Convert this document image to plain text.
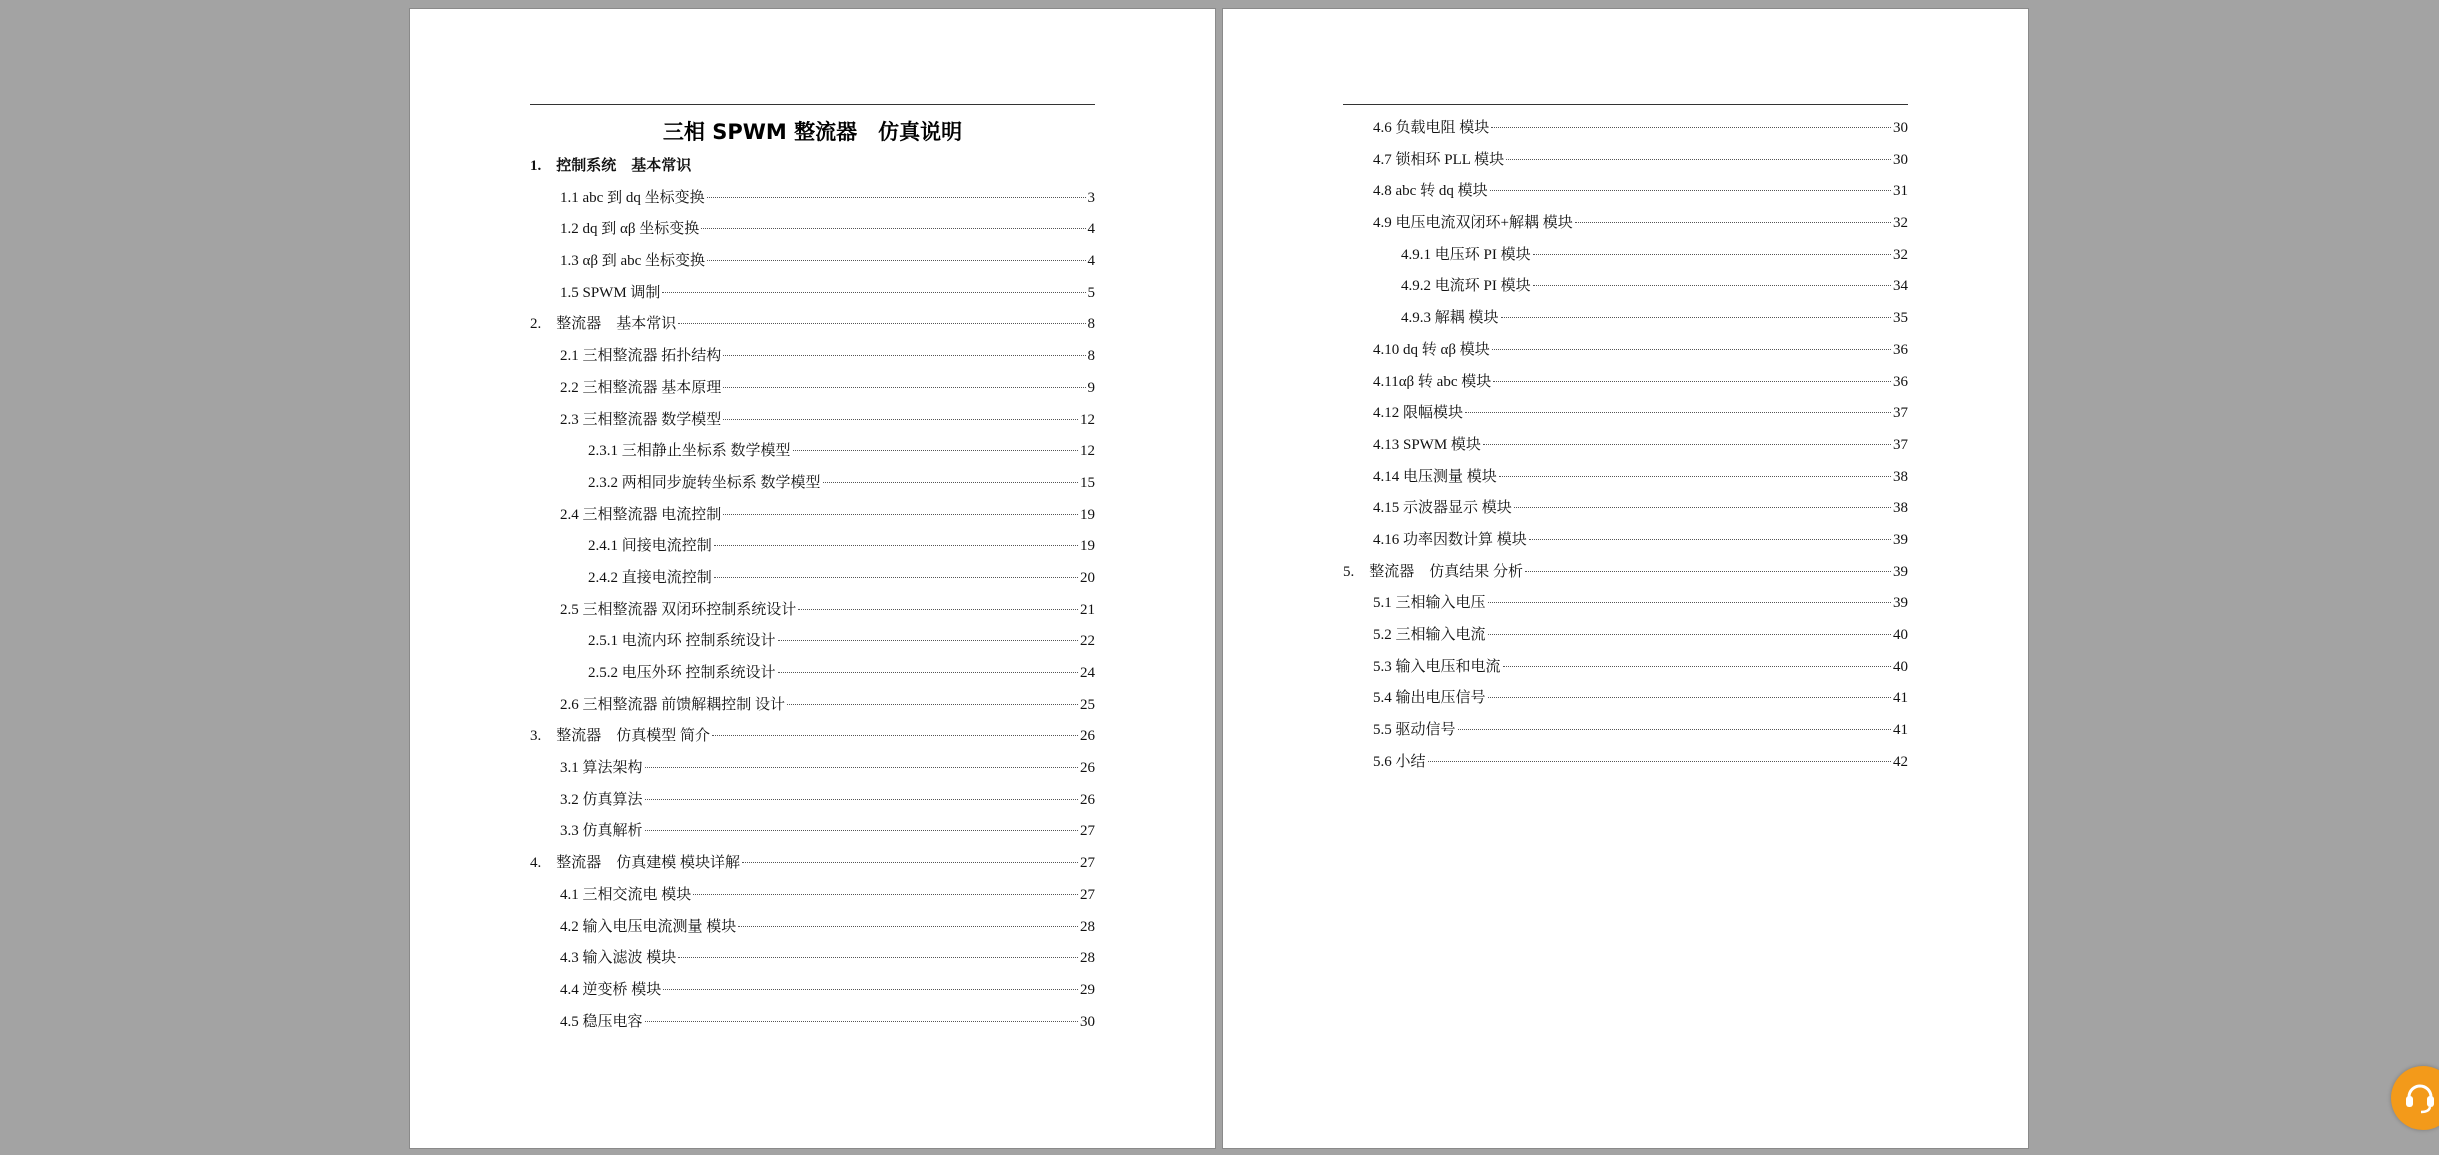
三相 SPWM 整流器　仿真说明
1.　控制系统　基本常识
1.1 abc 到 dq 坐标变换	3
1.2 dq 到 αβ 坐标变换	4
1.3 αβ 到 abc 坐标变换	4
1.5 SPWM 调制	5
2.　整流器　基本常识	8
2.1 三相整流器 拓扑结构	8
2.2 三相整流器 基本原理	9
2.3 三相整流器 数学模型	12
2.3.1 三相静止坐标系 数学模型	12
2.3.2 两相同步旋转坐标系 数学模型	15
2.4 三相整流器 电流控制	19
2.4.1 间接电流控制	19
2.4.2 直接电流控制	20
2.5 三相整流器 双闭环控制系统设计	21
2.5.1 电流内环 控制系统设计	22
2.5.2 电压外环 控制系统设计	24
2.6 三相整流器 前馈解耦控制 设计	25
3.　整流器　仿真模型 简介	26
3.1 算法架构	26
3.2 仿真算法	26
3.3 仿真解析	27
4.　整流器　仿真建模 模块详解	27
4.1 三相交流电 模块	27
4.2 输入电压电流测量 模块	28
4.3 输入滤波 模块	28
4.4 逆变桥 模块	29
4.5 稳压电容	30
4.6 负载电阻 模块	30
4.7 锁相环 PLL 模块	30
4.8 abc 转 dq 模块	31
4.9 电压电流双闭环+解耦 模块	32
4.9.1 电压环 PI 模块	32
4.9.2 电流环 PI 模块	34
4.9.3 解耦 模块	35
4.10 dq 转 αβ 模块	36
4.11αβ 转 abc 模块	36
4.12 限幅模块	37
4.13 SPWM 模块	37
4.14 电压测量 模块	38
4.15 示波器显示 模块	38
4.16 功率因数计算 模块	39
5.　整流器　仿真结果 分析	39
5.1 三相输入电压	39
5.2 三相输入电流	40
5.3 输入电压和电流	40
5.4 输出电压信号	41
5.5 驱动信号	41
5.6 小结	42
